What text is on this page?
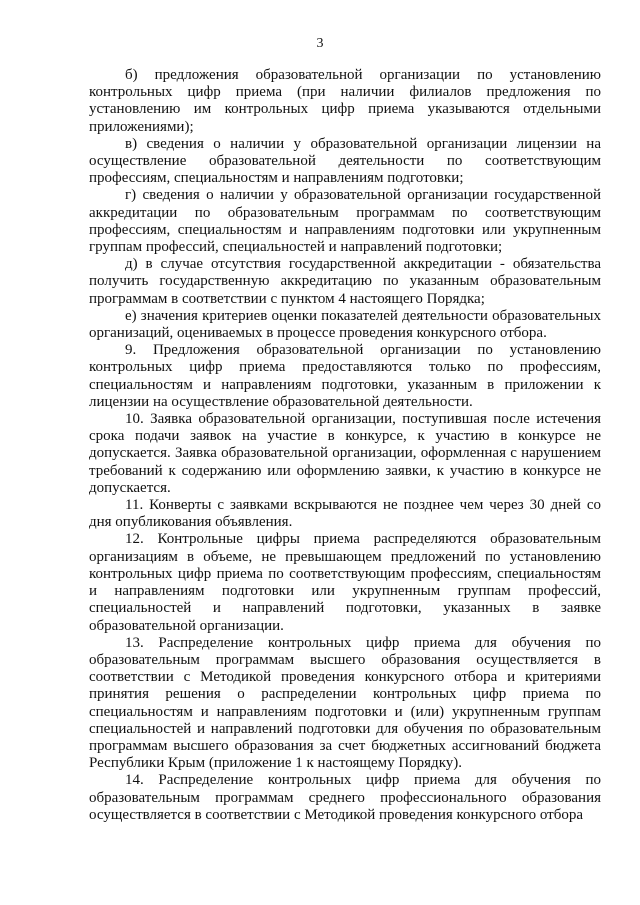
3

б) предложения образовательной организации по установлению контрольных цифр приема (при наличии филиалов предложения по установлению им контрольных цифр приема указываются отдельными приложениями);

в) сведения о наличии у образовательной организации лицензии на осуществление образовательной деятельности по соответствующим профессиям, специальностям и направлениям подготовки;

г) сведения о наличии у образовательной организации государственной аккредитации по образовательным программам по соответствующим профессиям, специальностям и направлениям подготовки или укрупненным группам профессий, специальностей и направлений подготовки;

д) в случае отсутствия государственной аккредитации - обязательства получить государственную аккредитацию по указанным образовательным программам в соответствии с пунктом 4 настоящего Порядка;

е) значения критериев оценки показателей деятельности образовательных организаций, оцениваемых в процессе проведения конкурсного отбора.

9. Предложения образовательной организации по установлению контрольных цифр приема предоставляются только по профессиям, специальностям и направлениям подготовки, указанным в приложении к лицензии на осуществление образовательной деятельности.

10. Заявка образовательной организации, поступившая после истечения срока подачи заявок на участие в конкурсе, к участию в конкурсе не допускается. Заявка образовательной организации, оформленная с нарушением требований к содержанию или оформлению заявки, к участию в конкурсе не допускается.

11. Конверты с заявками вскрываются не позднее чем через 30 дней со дня опубликования объявления.

12. Контрольные цифры приема распределяются образовательным организациям в объеме, не превышающем предложений по установлению контрольных цифр приема по соответствующим профессиям, специальностям и направлениям подготовки или укрупненным группам профессий, специальностей и направлений подготовки, указанных в заявке образовательной организации.

13. Распределение контрольных цифр приема для обучения по образовательным программам высшего образования осуществляется в соответствии с Методикой проведения конкурсного отбора и критериями принятия решения о распределении контрольных цифр приема по специальностям и направлениям подготовки и (или) укрупненным группам специальностей и направлений подготовки для обучения по образовательным программам высшего образования за счет бюджетных ассигнований бюджета Республики Крым (приложение 1 к настоящему Порядку).

14. Распределение контрольных цифр приема для обучения по образовательным программам среднего профессионального образования осуществляется в соответствии с Методикой проведения конкурсного отбора
